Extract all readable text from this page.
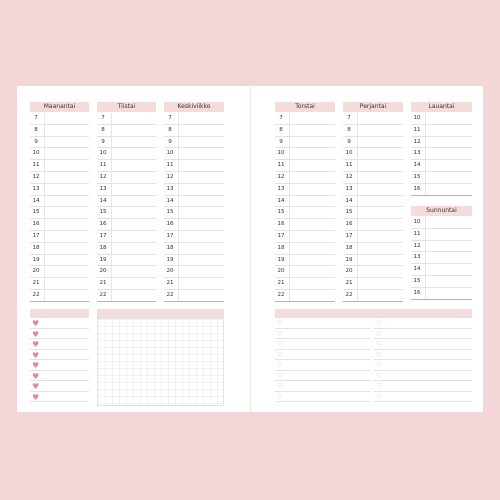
Maanantai
7
8
9
10
11
12
13
14
15
16
17
18
19
20
21
22
Tiistai
7
8
9
10
11
12
13
14
15
16
17
18
19
20
21
22
Keskiviikko
7
8
9
10
11
12
13
14
15
16
17
18
19
20
21
22
Torstai
7
8
9
10
11
12
13
14
15
16
17
18
19
20
21
22
Perjantai
7
8
9
10
11
12
13
14
15
16
17
18
19
20
21
22
Lauantai
10
11
12
13
14
15
16
Sunnuntai
10
11
12
13
14
15
16
♥
♥
♥
♥
♥
♥
♥
♥
♡
♡
♡
♡
♡
♡
♡
♡
♡
♡
♡
♡
♡
♡
♡
♡
